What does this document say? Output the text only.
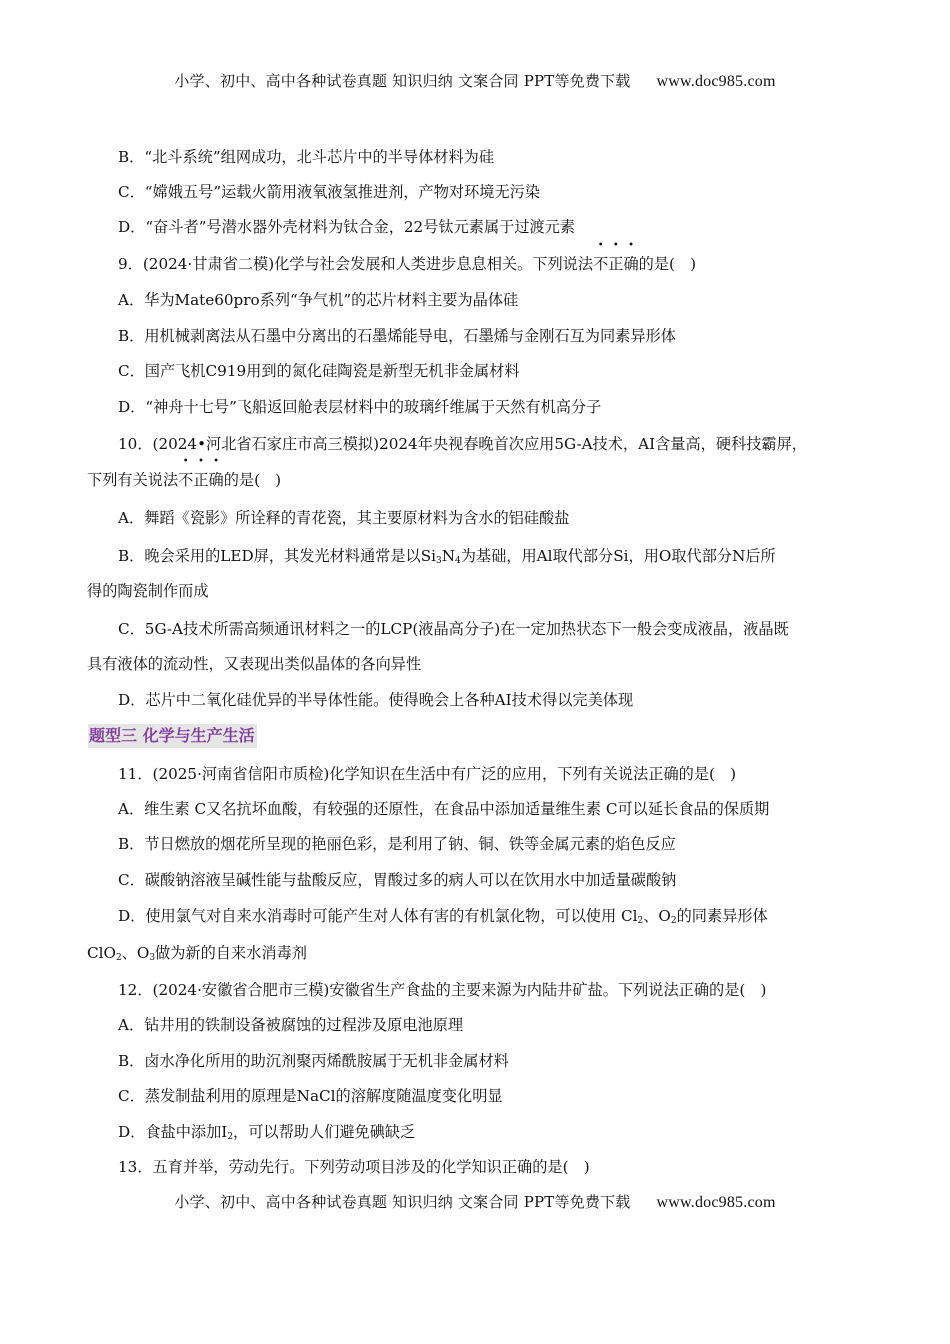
小学、初中、高中各种试卷真题 知识归纳 文案合同 PPT等免费下载 www.doc985.com
B．“北斗系统”组网成功，北斗芯片中的半导体材料为硅
C．“嫦娥五号”运载火箭用液氧液氢推进剂，产物对环境无污染
D．“奋斗者”号潜水器外壳材料为钛合金，22号钛元素属于过渡元素
9．(2024·甘肃省二模)化学与社会发展和人类进步息息相关。下列说法不正确的是(　)
A．华为Mate60pro系列“争气机”的芯片材料主要为晶体硅
B．用机械剥离法从石墨中分离出的石墨烯能导电，石墨烯与金刚石互为同素异形体
C．国产飞机C919用到的氮化硅陶瓷是新型无机非金属材料
D．“神舟十七号”飞船返回舱表层材料中的玻璃纤维属于天然有机高分子
10．(2024•河北省石家庄市高三模拟)2024年央视春晚首次应用5G-A技术，AI含量高，硬科技霸屏，
下列有关说法不正确的是(　)
A．舞蹈《瓷影》所诠释的青花瓷，其主要原材料为含水的铝硅酸盐
B．晚会采用的LED屏，其发光材料通常是以$Si_3N_4$为基础，用Al取代部分Si，用O取代部分N后所
得的陶瓷制作而成
C．5G-A技术所需高频通讯材料之一的LCP(液晶高分子)在一定加热状态下一般会变成液晶，液晶既
具有液体的流动性，又表现出类似晶体的各向异性
D．芯片中二氧化硅优异的半导体性能。使得晚会上各种AI技术得以完美体现
题型三 化学与生产生活
11．(2025·河南省信阳市质检)化学知识在生活中有广泛的应用，下列有关说法正确的是(　)
A．维生素 C又名抗坏血酸，有较强的还原性，在食品中添加适量维生素 C可以延长食品的保质期
B．节日燃放的烟花所呈现的艳丽色彩，是利用了钠、铜、铁等金属元素的焰色反应
C．碳酸钠溶液呈碱性能与盐酸反应，胃酸过多的病人可以在饮用水中加适量碳酸钠
D．使用氯气对自来水消毒时可能产生对人体有害的有机氯化物，可以使用 $Cl_2$、$O_2$的同素异形体
ClO$_2$、$O_3$做为新的自来水消毒剂
12．(2024·安徽省合肥市三模)安徽省生产食盐的主要来源为内陆井矿盐。下列说法正确的是(　)
A．钻井用的铁制设备被腐蚀的过程涉及原电池原理
B．卤水净化所用的助沉剂聚丙烯酰胺属于无机非金属材料
C．蒸发制盐利用的原理是NaCl的溶解度随温度变化明显
D．食盐中添加$I_2$，可以帮助人们避免碘缺乏
13．五育并举，劳动先行。下列劳动项目涉及的化学知识正确的是(　)
小学、初中、高中各种试卷真题 知识归纳 文案合同 PPT等免费下载 www.doc985.com
